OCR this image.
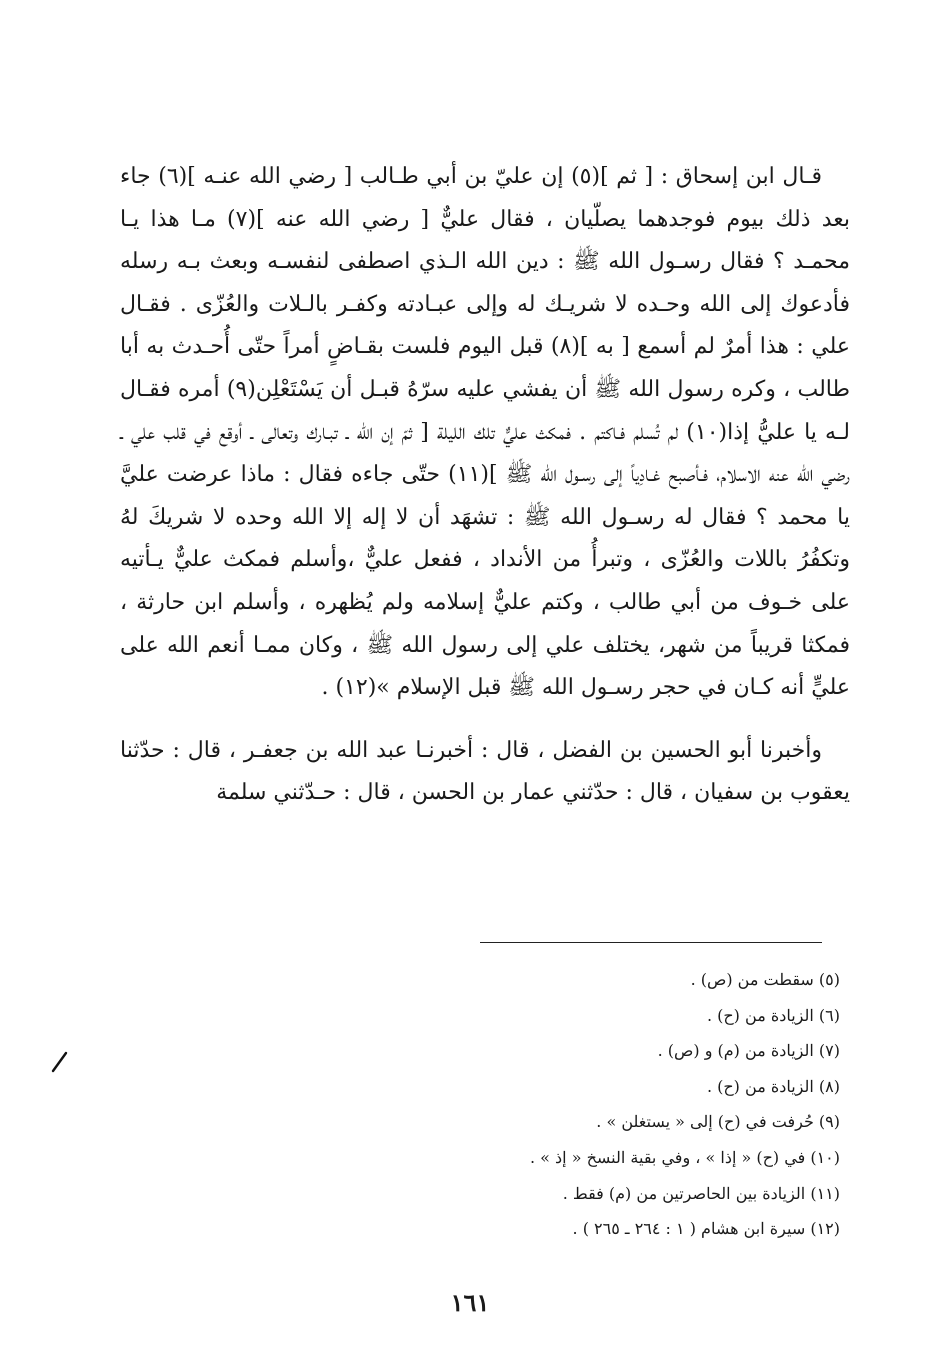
قـال ابن إسحاق : [ ثم ](٥) إن عليّ بن أبي طـالب [ رضي الله عنـه ](٦) جاء بعد ذلك بيوم فوجدهما يصلّيان ، فقال عليٌّ [ رضي الله عنه ](٧) مـا هذا يـا محمـد ؟ فقال رسـول الله ﷺ : دين الله الـذي اصطفى لنفسـه وبعث بـه رسله فأدعوك إلى الله وحـده لا شريـك له وإلى عبـادته وكفـر بالـلات والعُزّى . فقـال علي : هذا أمرٌ لم أسمع [ به ](٨) قبل اليوم فلست بقـاضٍ أمراً حتّى أُحـدث به أبا طالب ، وكره رسول الله ﷺ أن يفشي عليه سرّهُ قبـل أن يَسْتَعْلِن(٩) أمره فقـال لـه يا عليُّ إذا(١٠) لم تُسلم فـاكتم . فمكث عليٌّ تلك الليلة [ ثمّ إن الله ـ تبـارك وتعالى ـ أوقع في قلب علي ـ رضي الله عنه الاسلام، فـأصبح غـادِياً إلى رسـول الله ﷺ ](١١) حتّى جاءه فقال : ماذا عرضت عليَّ يا محمد ؟ فقال له رسـول الله ﷺ : تشهَد أن لا إله إلا الله وحده لا شريكَ لهُ وتكفُرُ باللات والعُزّى ، وتبرأُ من الأنداد ، ففعل عليٌّ ،وأسلم فمكث عليٌّ يـأتيه على خـوف من أبي طالب ، وكتم عليٌّ إسلامه ولم يُظهره ، وأسلم ابن حارثة ، فمكثا قريباً من شهر، يختلف علي إلى رسول الله ﷺ ، وكان ممـا أنعم الله على عليٍّ أنه كـان في حجر رسـول الله ﷺ قبل الإسلام »(١٢) .

وأخبرنا أبو الحسين بن الفضل ، قال : أخبرنـا عبد الله بن جعفـر ، قال : حدّثنا يعقوب بن سفيان ، قال : حدّثني عمار بن الحسن ، قال : حـدّثني سلمة

(٥) سقطت من (ص) .
(٦) الزيادة من (ح) .
(٧) الزيادة من (م) و (ص) .
(٨) الزيادة من (ح) .
(٩) حُرفت في (ح) إلى « يستغلن » .
(١٠) في (ح) « إذا » ، وفي بقية النسخ « إذ » .
(١١) الزيادة بين الحاصرتين من (م) فقط .
(١٢) سيرة ابن هشام ( ١ : ٢٦٤ ـ ٢٦٥ ) .
١٦١
